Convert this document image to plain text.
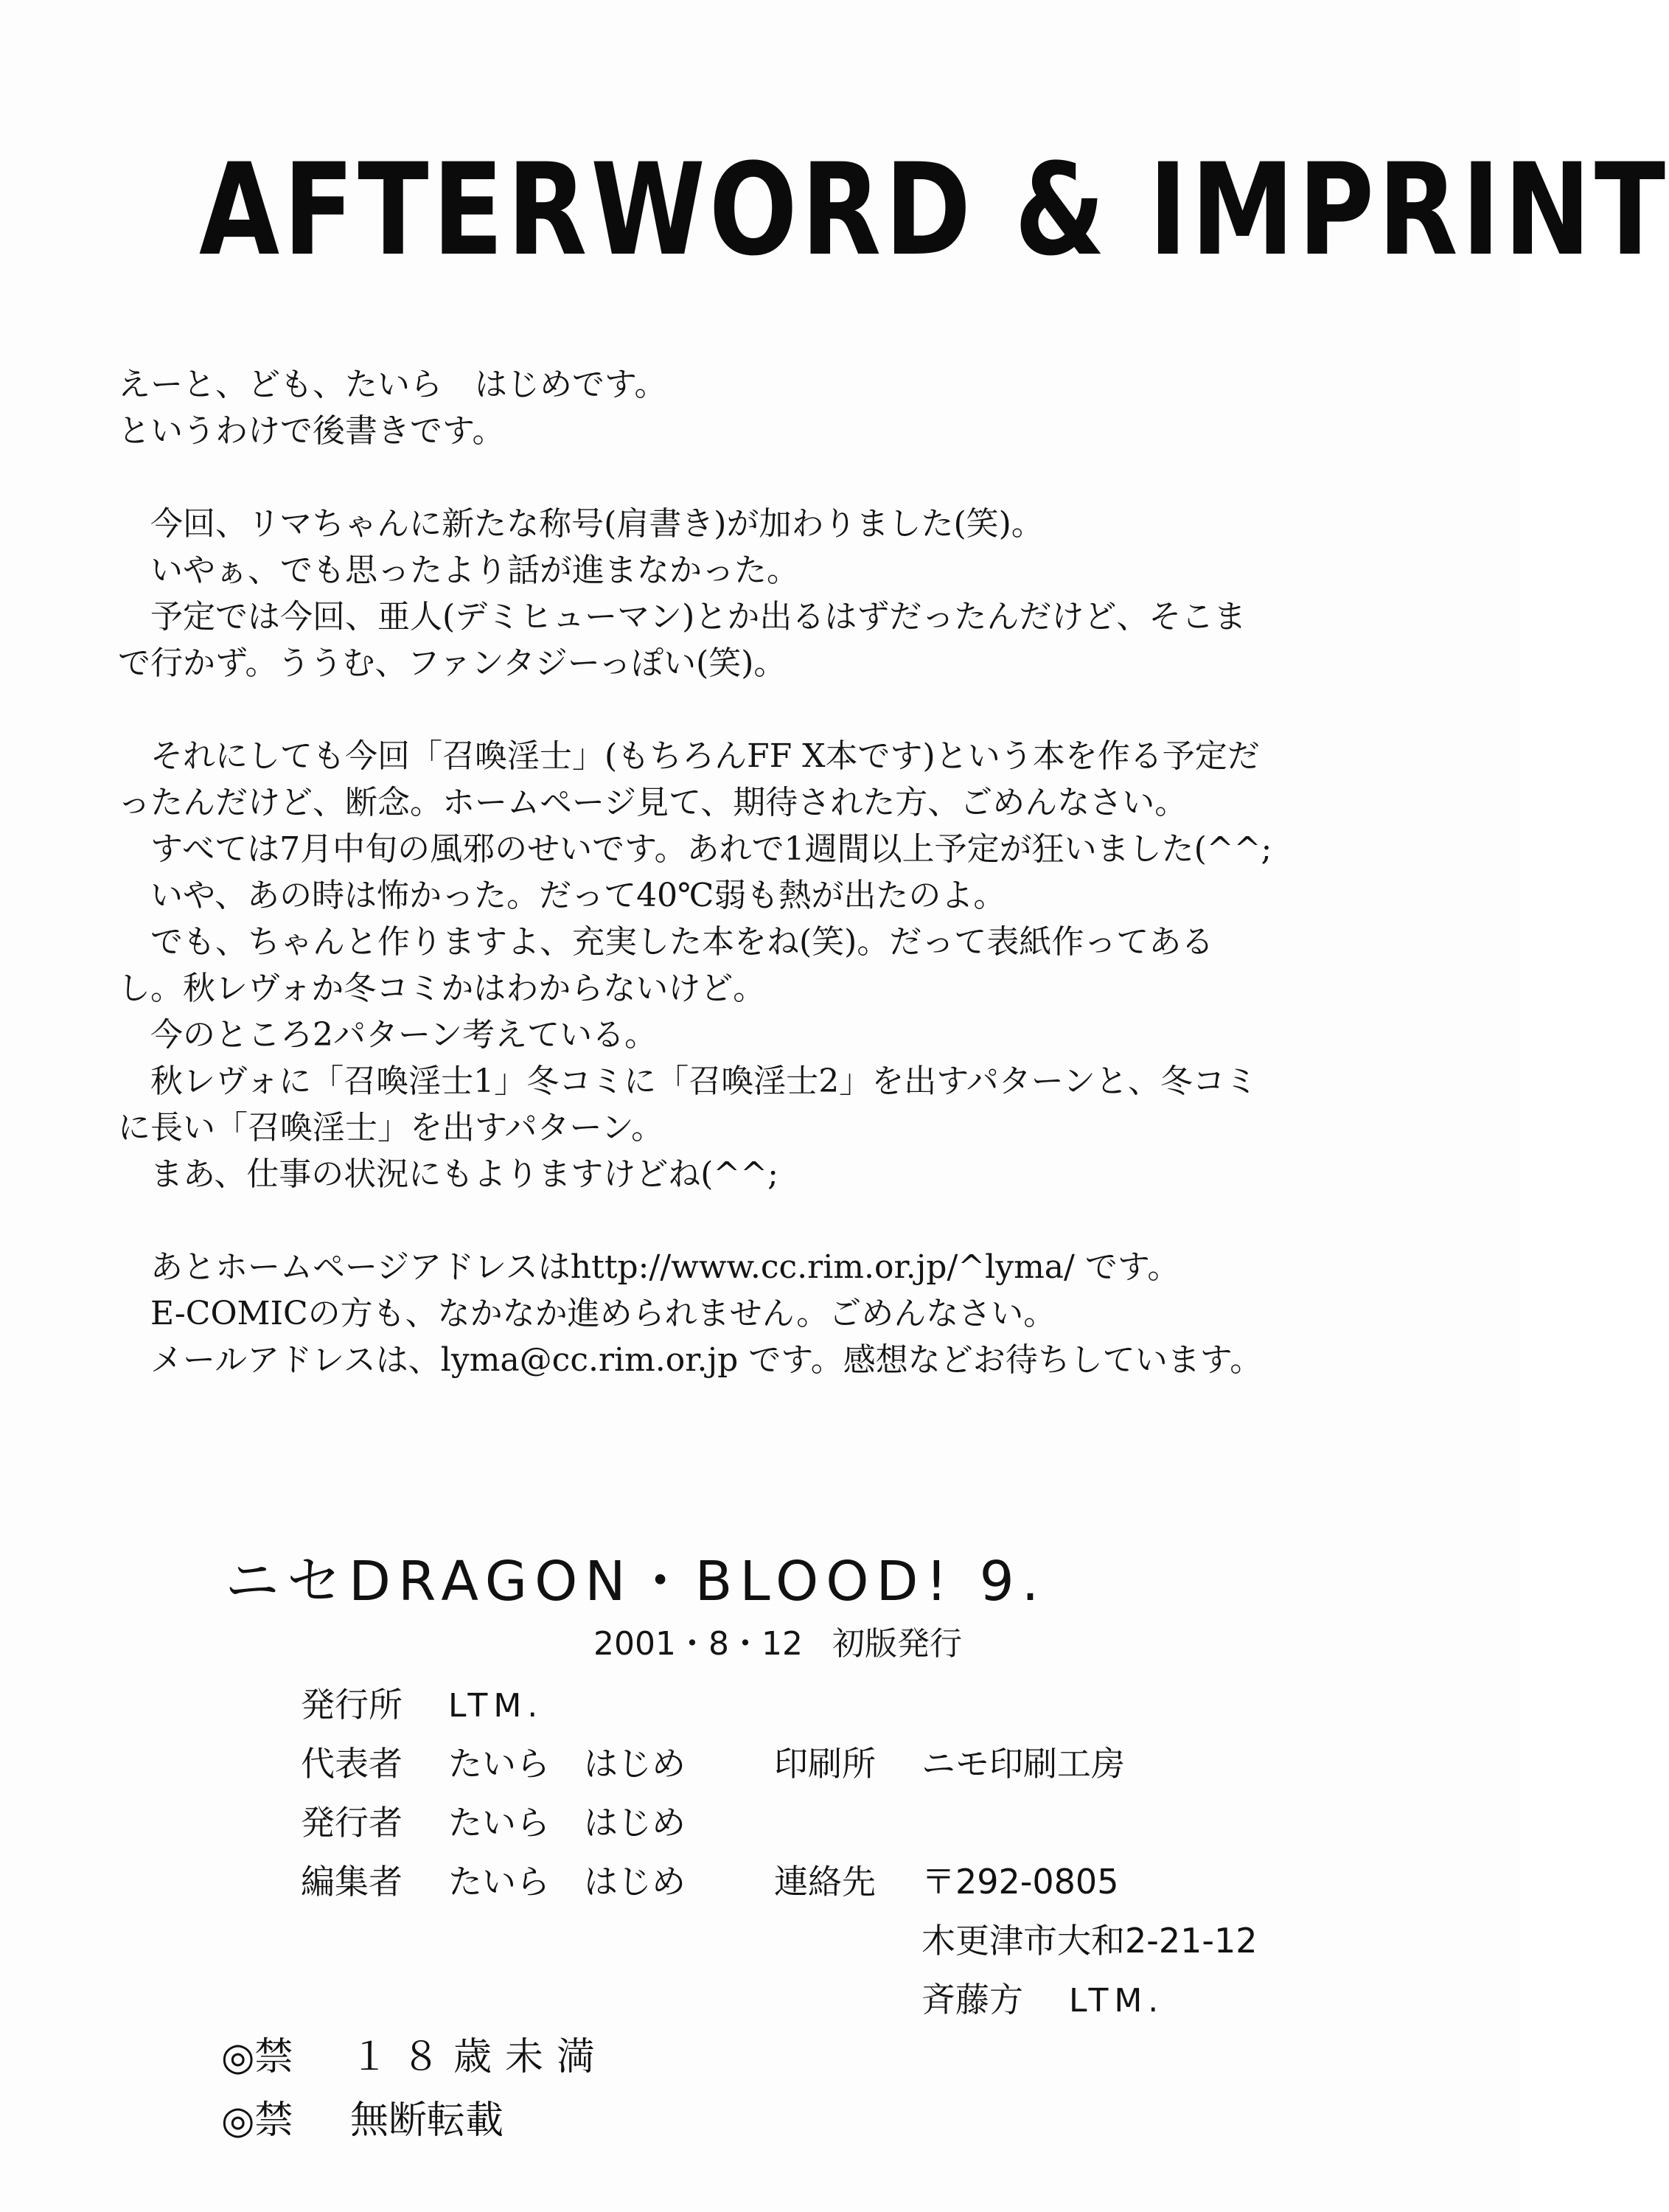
AFTERWORD & IMPRINT

えーと、ども、たいら　はじめです。

というわけで後書きです。

今回、リマちゃんに新たな称号(肩書き)が加わりました(笑)。

いやぁ、でも思ったより話が進まなかった。

予定では今回、亜人(デミヒューマン)とか出るはずだったんだけど、そこま

で行かず。ううむ、ファンタジーっぽい(笑)。

それにしても今回「召喚淫士」(もちろんFF X本です)という本を作る予定だ

ったんだけど、断念。ホームページ見て、期待された方、ごめんなさい。

すべては7月中旬の風邪のせいです。あれで1週間以上予定が狂いました(^^;

いや、あの時は怖かった。だって40℃弱も熱が出たのよ。

でも、ちゃんと作りますよ、充実した本をね(笑)。だって表紙作ってある

し。秋レヴォか冬コミかはわからないけど。

今のところ2パターン考えている。

秋レヴォに「召喚淫士1」冬コミに「召喚淫士2」を出すパターンと、冬コミ

に長い「召喚淫士」を出すパターン。

まあ、仕事の状況にもよりますけどね(^^;

あとホームページアドレスはhttp://www.cc.rim.or.jp/^lyma/ です。

E-COMICの方も、なかなか進められません。ごめんなさい。

メールアドレスは、lyma@cc.rim.or.jp です。感想などお待ちしています。

ニセDRAGON・BLOOD! 9.
2001・8・12 初版発行
発行所 LTM.
代表者 たいら　はじめ	印刷所 ニモ印刷工房
発行者 たいら　はじめ
編集者 たいら　はじめ	連絡先 〒292-0805
木更津市大和2-21-12
斉藤方 LTM.
◎禁 １８歳未満
◎禁 無断転載
